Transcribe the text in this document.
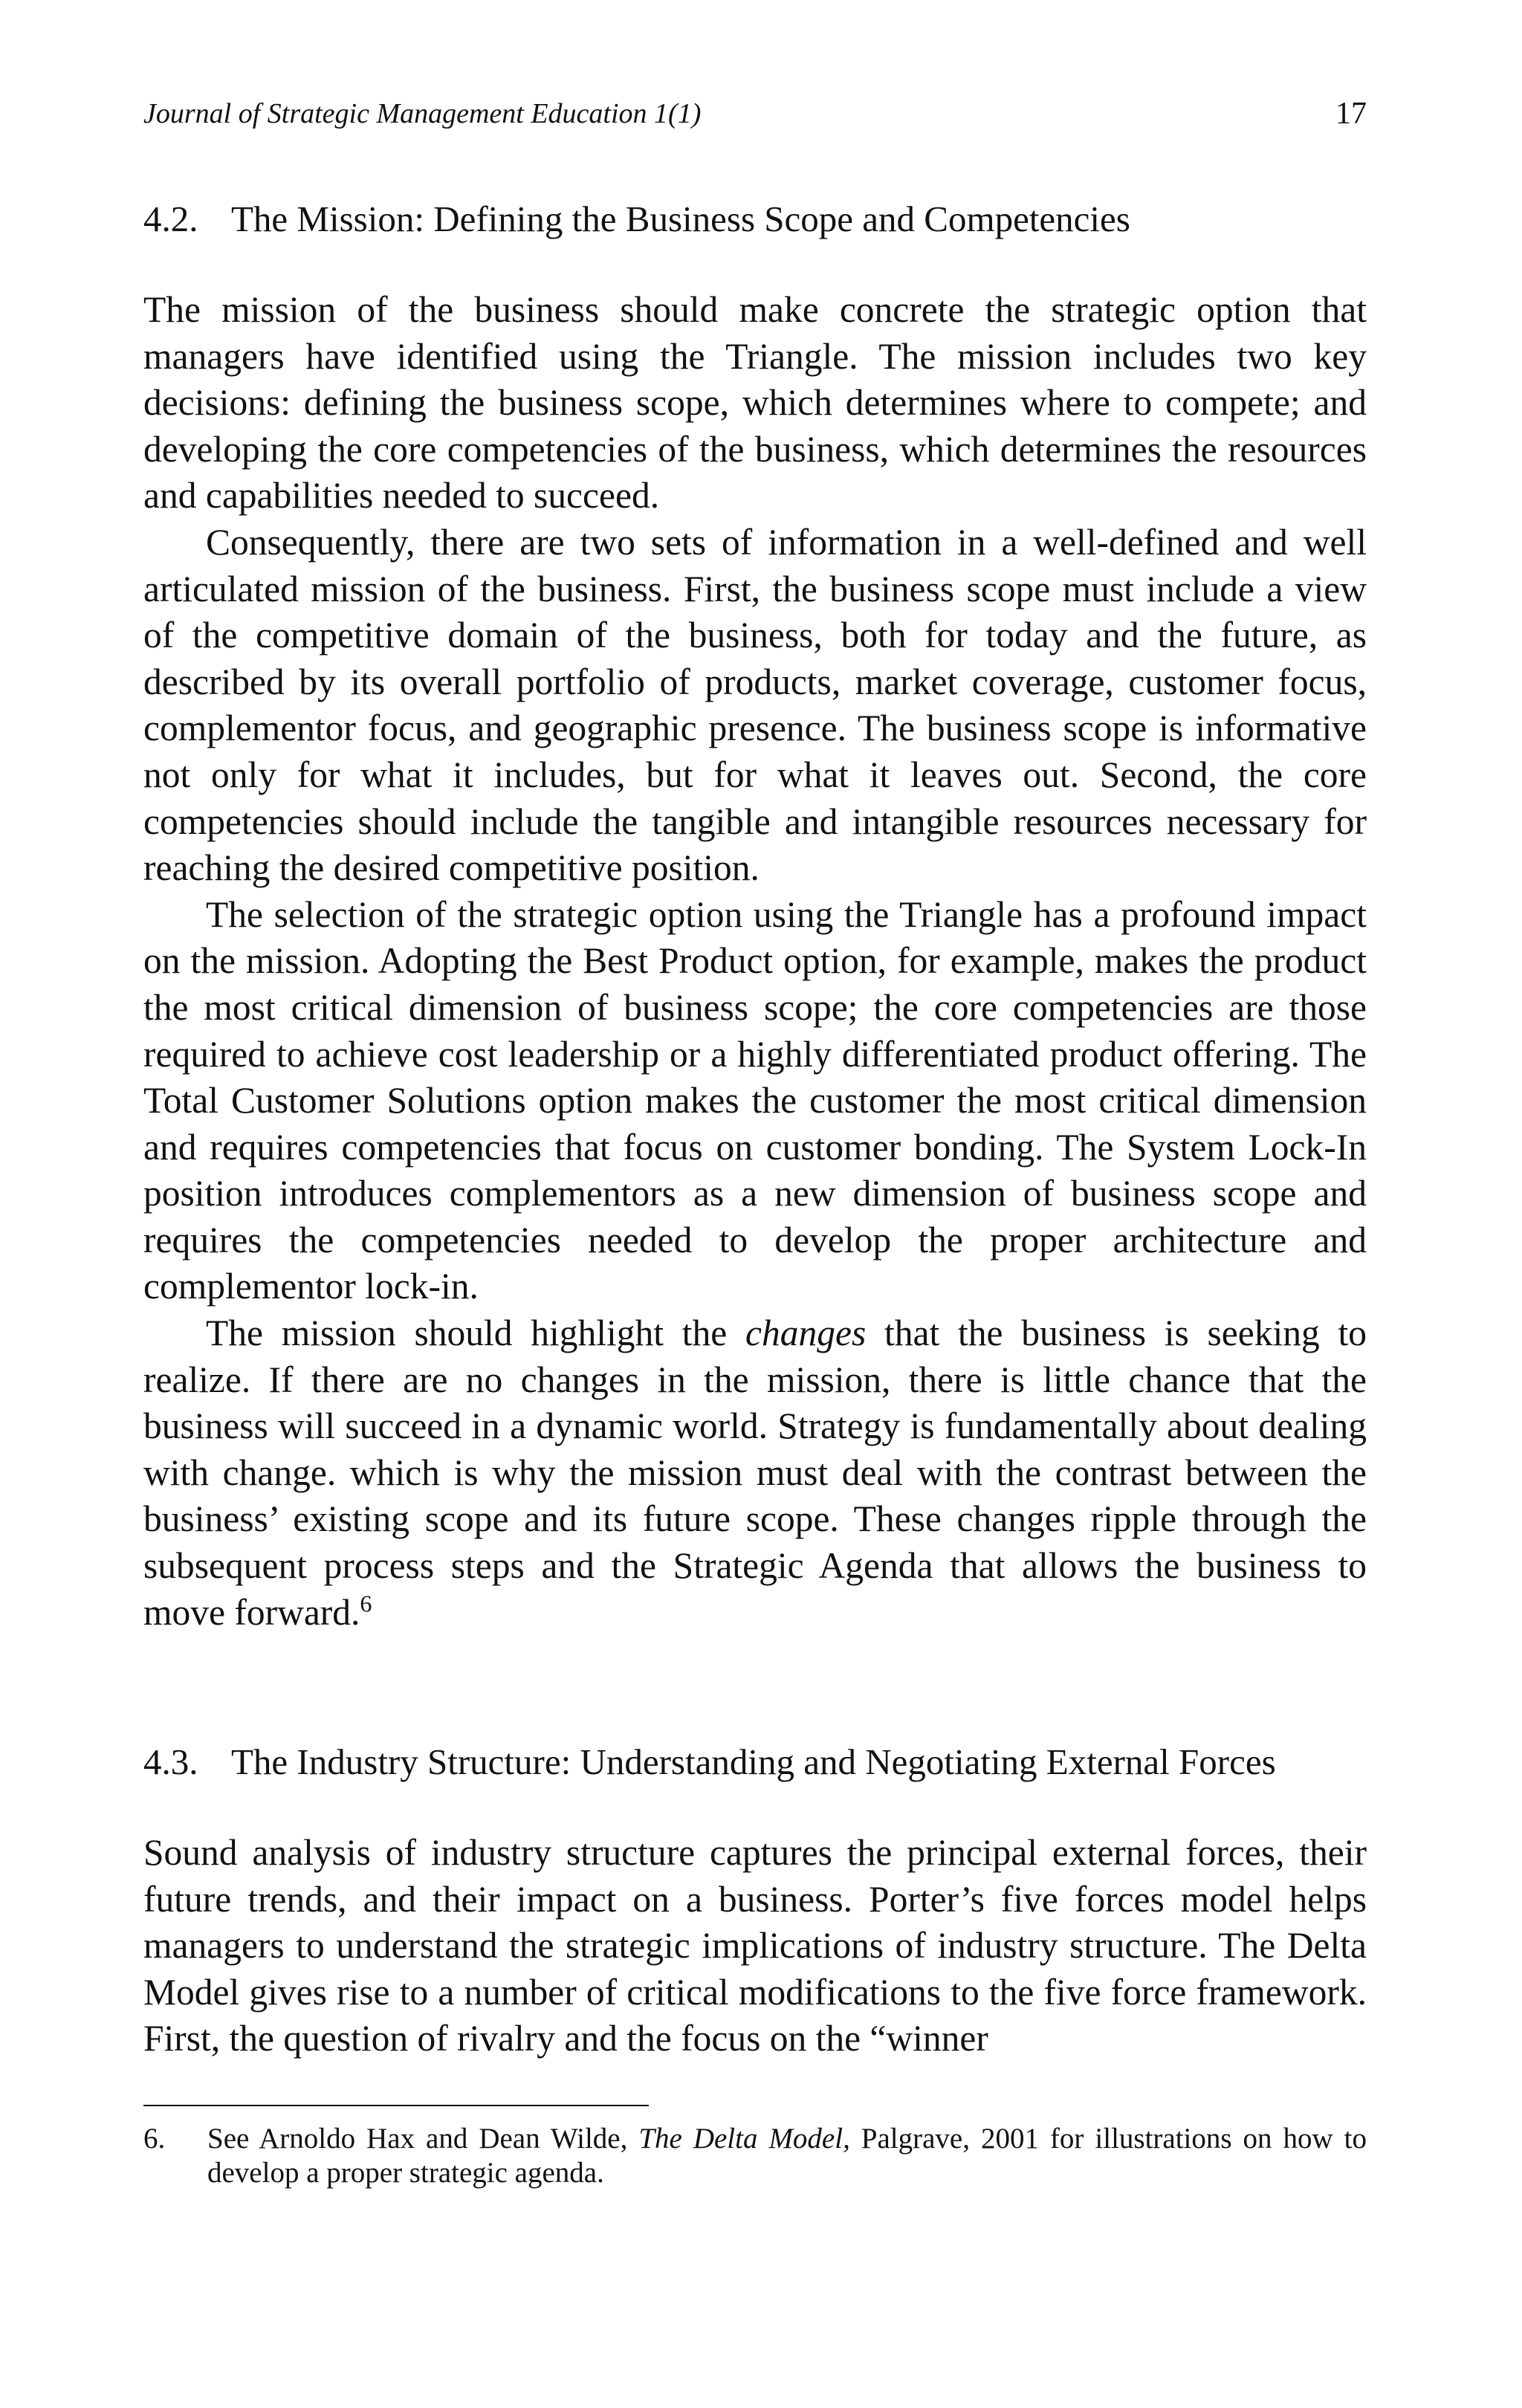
Journal of Strategic Management Education 1(1)	17
4.2. The Mission: Defining the Business Scope and Competencies

The mission of the business should make concrete the strategic option that managers have identified using the Triangle. The mission includes two key decisions: defining the business scope, which determines where to compete; and developing the core competencies of the business, which determines the resources and capabilities needed to succeed.

Consequently, there are two sets of information in a well-defined and well articulated mission of the business. First, the business scope must include a view of the competitive domain of the business, both for today and the future, as described by its overall portfolio of products, market coverage, customer focus, complementor focus, and geographic presence. The business scope is informative not only for what it includes, but for what it leaves out. Second, the core competencies should include the tangible and intangible resources necessary for reaching the desired competitive position.

The selection of the strategic option using the Triangle has a profound impact on the mission. Adopting the Best Product option, for example, makes the product the most critical dimension of business scope; the core competencies are those required to achieve cost leadership or a highly differentiated product offering. The Total Customer Solutions option makes the customer the most critical dimension and requires competencies that focus on customer bonding. The System Lock-In position introduces complementors as a new dimension of business scope and requires the competencies needed to develop the proper architecture and complementor lock-in.

The mission should highlight the changes that the business is seeking to realize. If there are no changes in the mission, there is little chance that the business will succeed in a dynamic world. Strategy is fundamentally about dealing with change. which is why the mission must deal with the contrast between the business’ existing scope and its future scope. These changes ripple through the subsequent process steps and the Strategic Agenda that allows the business to move forward.$^6$

4.3. The Industry Structure: Understanding and Negotiating External Forces

Sound analysis of industry structure captures the principal external forces, their future trends, and their impact on a business. Porter’s five forces model helps managers to understand the strategic implications of industry structure. The Delta Model gives rise to a number of critical modifications to the five force framework. First, the question of rivalry and the focus on the “winner

6. See Arnoldo Hax and Dean Wilde, The Delta Model, Palgrave, 2001 for illustrations on how to develop a proper strategic agenda.
